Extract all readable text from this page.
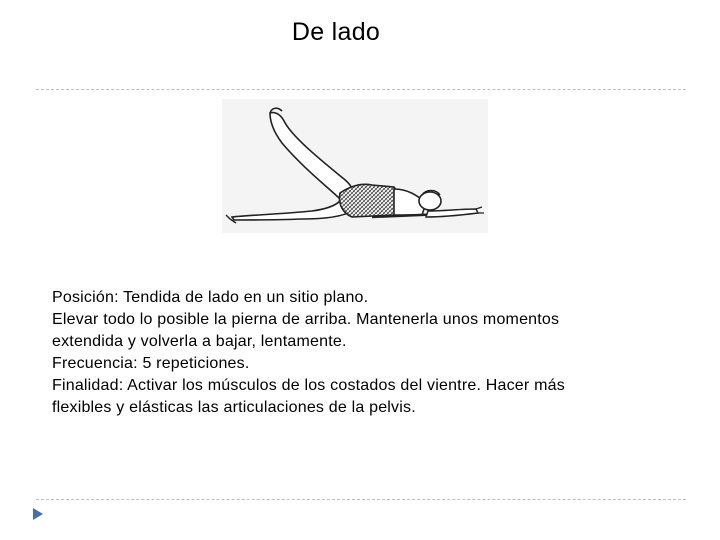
De lado
Posición: Tendida de lado en un sitio plano.
Elevar todo lo posible la pierna de arriba. Mantenerla unos momentos
extendida y volverla a bajar, lentamente.
Frecuencia: 5 repeticiones.
Finalidad: Activar los músculos de los costados del vientre. Hacer más
flexibles y elásticas las articulaciones de la pelvis.
